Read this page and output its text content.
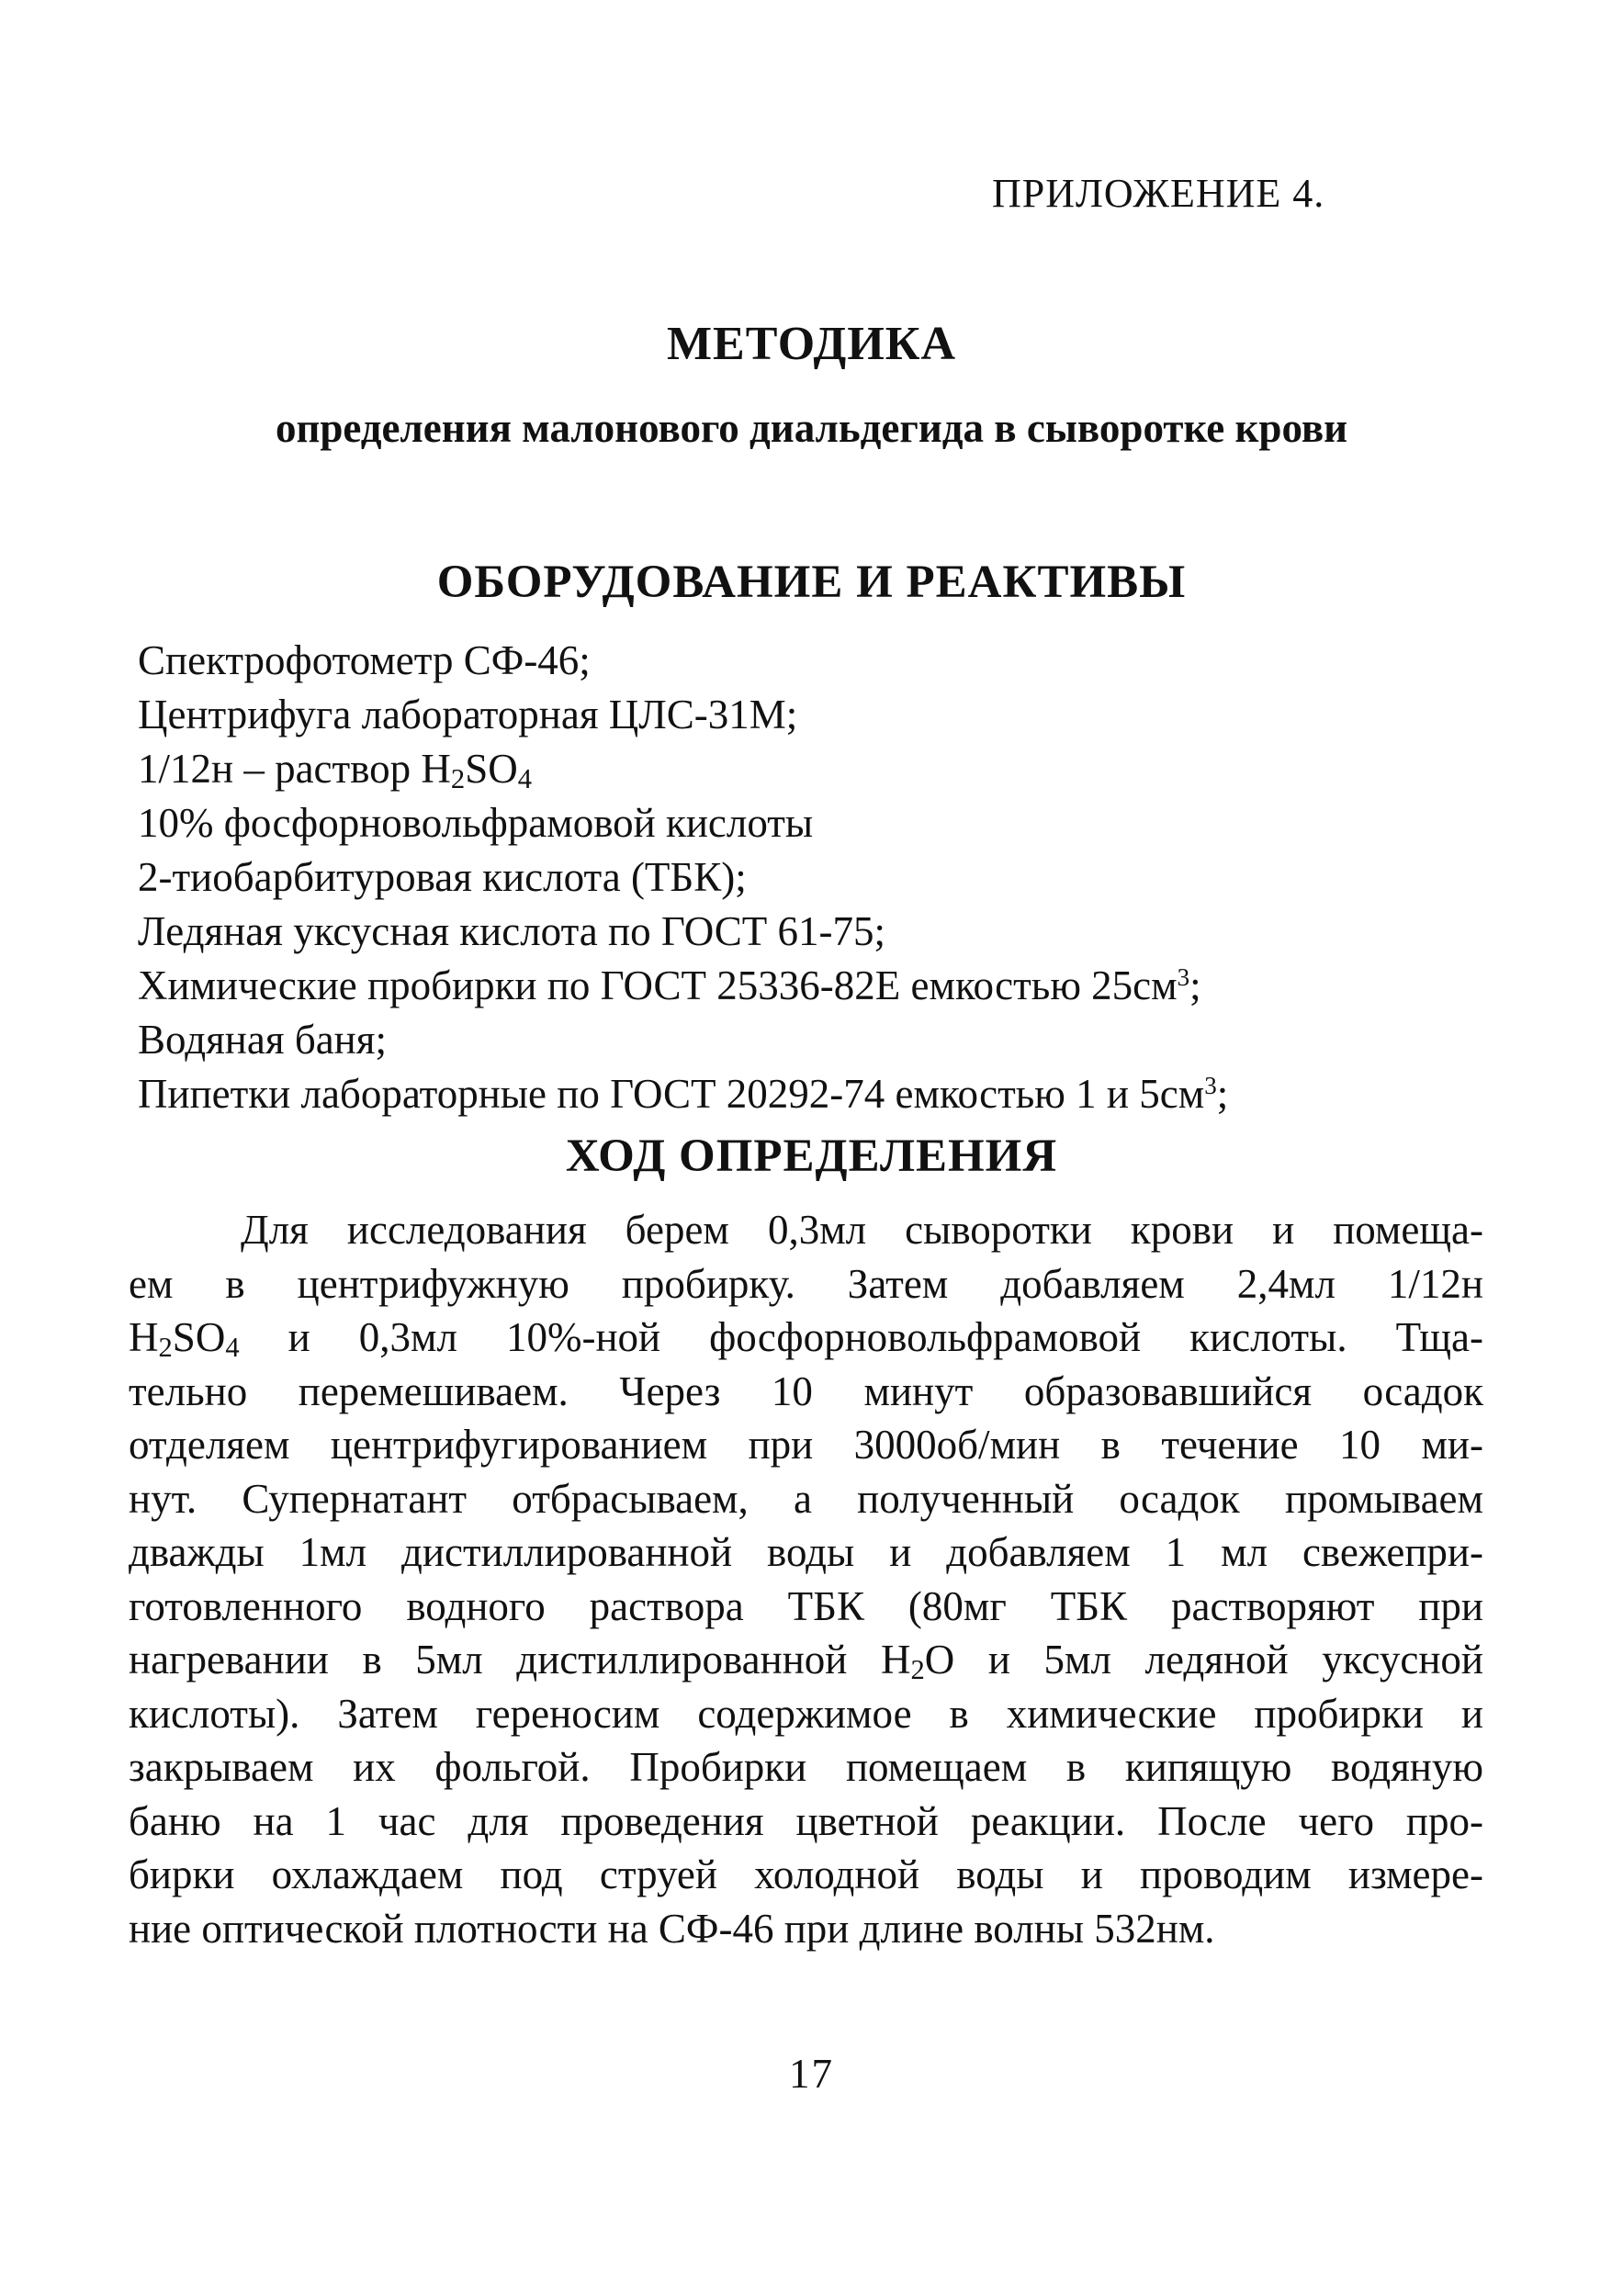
ПРИЛОЖЕНИЕ 4.
МЕТОДИКА
определения малонового диальдегида в сыворотке крови
ОБОРУДОВАНИЕ И РЕАКТИВЫ
Спектрофотометр СФ-46;
Центрифуга лабораторная ЦЛС-31М;
1/12н – раствор $H_2SO_4$
10% фосфорновольфрамовой кислоты
2-тиобарбитуровая кислота (ТБК);
Ледяная уксусная кислота по ГОСТ 61-75;
Химические пробирки по ГОСТ 25336-82Е емкостью $25см^3$;
Водяная баня;
Пипетки лабораторные по ГОСТ 20292-74 емкостью 1 и $5см^3$;
ХОД ОПРЕДЕЛЕНИЯ

Для исследования берем 0,3мл сыворотки крови и помеща-
ем в центрифужную пробирку. Затем добавляем 2,4мл 1/12н
$H_2SO_4$ и 0,3мл 10%-ной фосфорновольфрамовой кислоты. Тща-
тельно перемешиваем. Через 10 минут образовавшийся осадок
отделяем центрифугированием при 3000об/мин в течение 10 ми-
нут. Супернатант отбрасываем, а полученный осадок промываем
дважды 1мл дистиллированной воды и добавляем 1 мл свежепри-
готовленного водного раствора ТБК (80мг ТБК растворяют при
нагревании в 5мл дистиллированной $H_2O$ и 5мл ледяной уксусной
кислоты). Затем гереносим содержимое в химические пробирки и
закрываем их фольгой. Пробирки помещаем в кипящую водяную
баню на 1 час для проведения цветной реакции. После чего про-
бирки охлаждаем под струей холодной воды и проводим измере-
ние оптической плотности на СФ-46 при длине волны 532нм.

17
